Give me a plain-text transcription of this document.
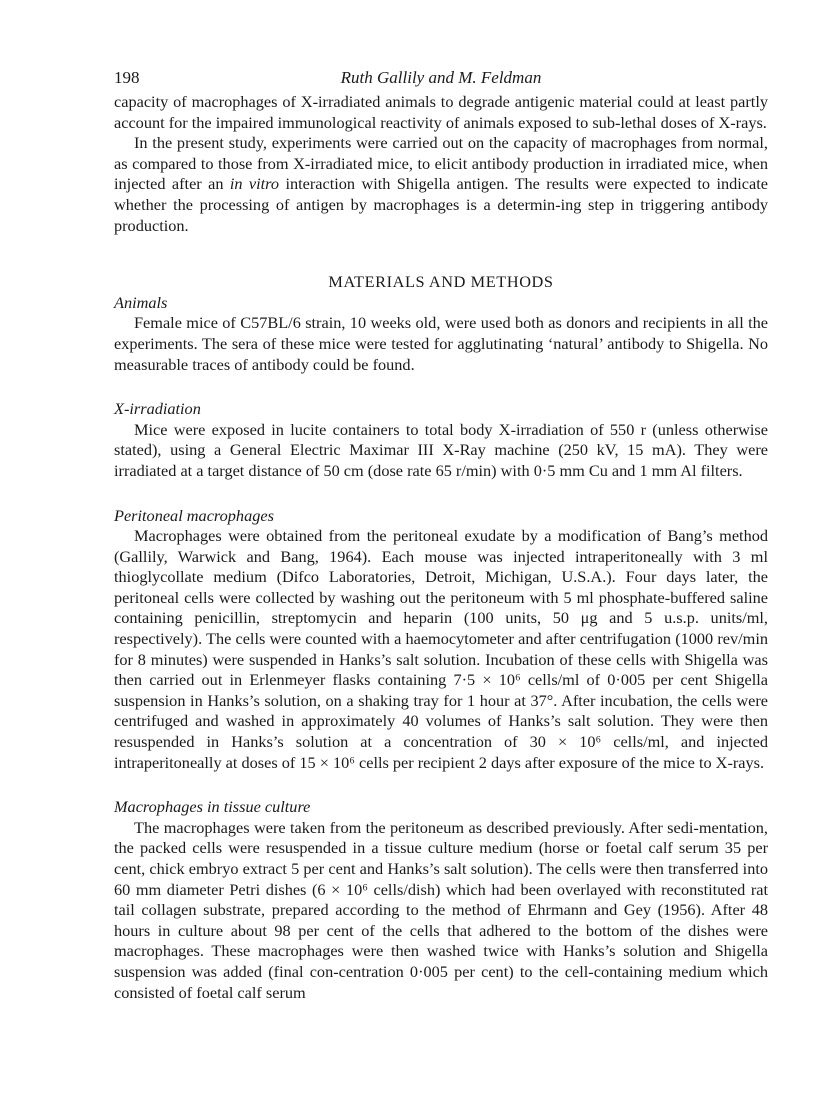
198	Ruth Gallily and M. Feldman

capacity of macrophages of X-irradiated animals to degrade antigenic material could at least partly account for the impaired immunological reactivity of animals exposed to sub-lethal doses of X-rays.

In the present study, experiments were carried out on the capacity of macrophages from normal, as compared to those from X-irradiated mice, to elicit antibody production in irradiated mice, when injected after an in vitro interaction with Shigella antigen. The results were expected to indicate whether the processing of antigen by macrophages is a determin-ing step in triggering antibody production.

MATERIALS AND METHODS
Animals

Female mice of C57BL/6 strain, 10 weeks old, were used both as donors and recipients in all the experiments. The sera of these mice were tested for agglutinating ‘natural’ antibody to Shigella. No measurable traces of antibody could be found.

X-irradiation

Mice were exposed in lucite containers to total body X-irradiation of 550 r (unless otherwise stated), using a General Electric Maximar III X-Ray machine (250 kV, 15 mA). They were irradiated at a target distance of 50 cm (dose rate 65 r/min) with 0·5 mm Cu and 1 mm Al filters.

Peritoneal macrophages

Macrophages were obtained from the peritoneal exudate by a modification of Bang’s method (Gallily, Warwick and Bang, 1964). Each mouse was injected intraperitoneally with 3 ml thioglycollate medium (Difco Laboratories, Detroit, Michigan, U.S.A.). Four days later, the peritoneal cells were collected by washing out the peritoneum with 5 ml phosphate-buffered saline containing penicillin, streptomycin and heparin (100 units, 50 μg and 5 u.s.p. units/ml, respectively). The cells were counted with a haemocytometer and after centrifugation (1000 rev/min for 8 minutes) were suspended in Hanks’s salt solution. Incubation of these cells with Shigella was then carried out in Erlenmeyer flasks containing 7·5 × 10⁶ cells/ml of 0·005 per cent Shigella suspension in Hanks’s solution, on a shaking tray for 1 hour at 37°. After incubation, the cells were centrifuged and washed in approximately 40 volumes of Hanks’s salt solution. They were then resuspended in Hanks’s solution at a concentration of 30 × 10⁶ cells/ml, and injected intraperitoneally at doses of 15 × 10⁶ cells per recipient 2 days after exposure of the mice to X-rays.

Macrophages in tissue culture

The macrophages were taken from the peritoneum as described previously. After sedi-mentation, the packed cells were resuspended in a tissue culture medium (horse or foetal calf serum 35 per cent, chick embryo extract 5 per cent and Hanks’s salt solution). The cells were then transferred into 60 mm diameter Petri dishes (6 × 10⁶ cells/dish) which had been overlayed with reconstituted rat tail collagen substrate, prepared according to the method of Ehrmann and Gey (1956). After 48 hours in culture about 98 per cent of the cells that adhered to the bottom of the dishes were macrophages. These macrophages were then washed twice with Hanks’s solution and Shigella suspension was added (final con-centration 0·005 per cent) to the cell-containing medium which consisted of foetal calf serum
